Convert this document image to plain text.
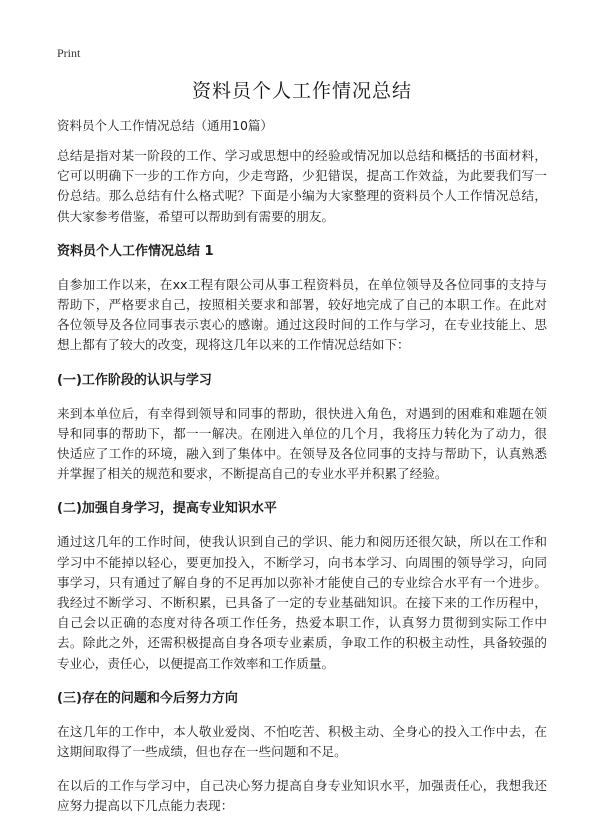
Print
资料员个人工作情况总结
资料员个人工作情况总结（通用10篇）

总结是指对某一阶段的工作、学习或思想中的经验或情况加以总结和概括的书面材料，它可以明确下一步的工作方向，少走弯路，少犯错误，提高工作效益，为此要我们写一份总结。那么总结有什么格式呢？下面是小编为大家整理的资料员个人工作情况总结，供大家参考借鉴，希望可以帮助到有需要的朋友。

资料员个人工作情况总结 1

自参加工作以来，在xx工程有限公司从事工程资料员，在单位领导及各位同事的支持与帮助下，严格要求自己，按照相关要求和部署，较好地完成了自己的本职工作。在此对各位领导及各位同事表示衷心的感谢。通过这段时间的工作与学习，在专业技能上、思想上都有了较大的改变，现将这几年以来的工作情况总结如下：

(一)工作阶段的认识与学习

来到本单位后，有幸得到领导和同事的帮助，很快进入角色，对遇到的困难和难题在领导和同事的帮助下，都一一解决。在刚进入单位的几个月，我将压力转化为了动力，很快适应了工作的环境，融入到了集体中。在领导及各位同事的支持与帮助下，认真熟悉并掌握了相关的规范和要求，不断提高自己的专业水平并积累了经验。

(二)加强自身学习，提高专业知识水平

通过这几年的工作时间，使我认识到自己的学识、能力和阅历还很欠缺，所以在工作和学习中不能掉以轻心，要更加投入，不断学习，向书本学习、向周围的领导学习，向同事学习，只有通过了解自身的不足再加以弥补才能使自己的专业综合水平有一个进步。我经过不断学习、不断积累，已具备了一定的专业基础知识。在接下来的工作历程中，自己会以正确的态度对待各项工作任务，热爱本职工作，认真努力贯彻到实际工作中去。除此之外，还需积极提高自身各项专业素质，争取工作的积极主动性，具备较强的专业心，责任心，以便提高工作效率和工作质量。

(三)存在的问题和今后努力方向

在这几年的工作中，本人敬业爱岗、不怕吃苦、积极主动、全身心的投入工作中去，在这期间取得了一些成绩，但也存在一些问题和不足。

在以后的工作与学习中，自己决心努力提高自身专业知识水平，加强责任心，我想我还应努力提高以下几点能力表现：
